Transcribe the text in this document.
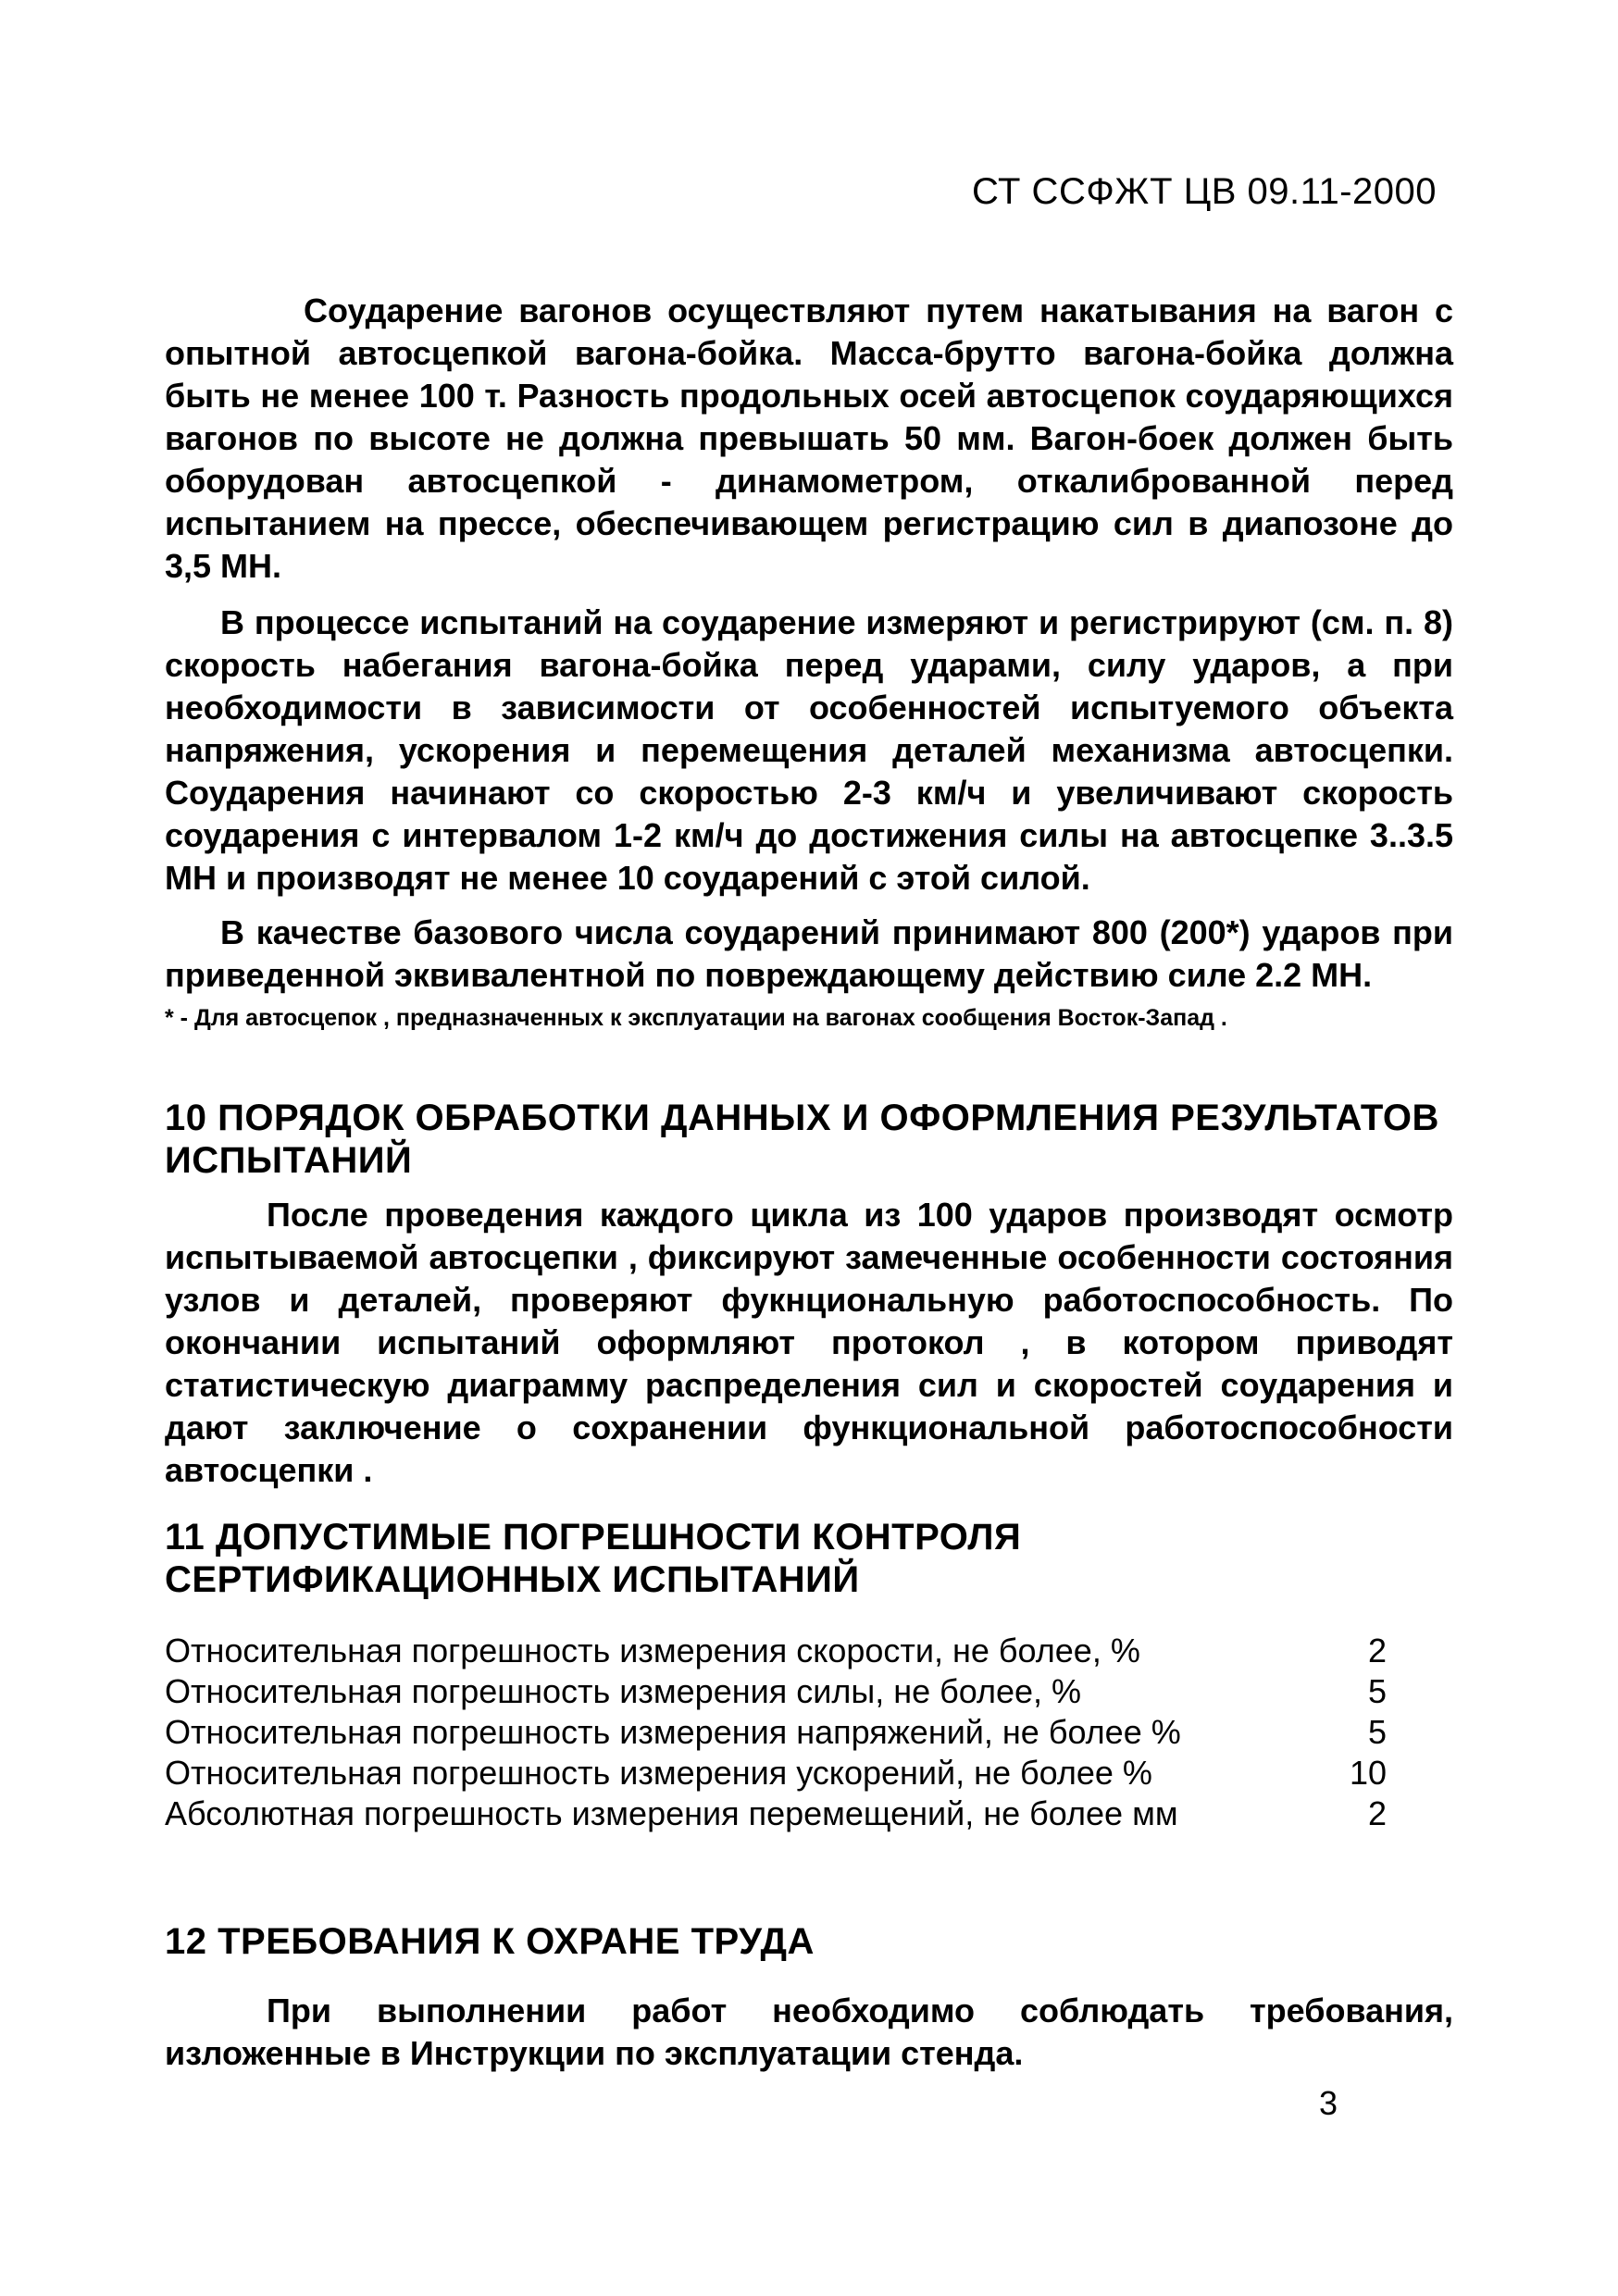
СТ ССФЖТ ЦВ 09.11-2000

Соударение вагонов осуществляют путем накатывания на вагон с опытной автосцепкой вагона-бойка. Масса-брутто вагона-бойка должна быть не менее 100 т. Разность продольных осей автосцепок соударяющихся вагонов по высоте не должна превышать 50 мм. Вагон-боек должен быть оборудован автосцепкой - динамометром, откалиброванной перед испытанием на прессе, обеспечивающем регистрацию сил в диапозоне до 3,5 МН.

В процессе испытаний на соударение измеряют и регистрируют (см. п. 8) скорость набегания вагона-бойка перед ударами, силу ударов, а при необходимости в зависимости от особенностей испытуемого объекта напряжения, ускорения и перемещения деталей механизма автосцепки. Соударения начинают со скоростью 2-3 км/ч и увеличивают скорость соударения с интервалом 1-2 км/ч до достижения силы на автосцепке 3..3.5 МН и производят не менее 10 соударений с этой силой.

В качестве базового числа соударений принимают 800 (200*) ударов при приведенной эквивалентной по повреждающему действию силе 2.2 МН.

* - Для автосцепок , предназначенных к эксплуатации на вагонах сообщения Восток-Запад .
10 ПОРЯДОК ОБРАБОТКИ ДАННЫХ И ОФОРМЛЕНИЯ РЕЗУЛЬТАТОВ ИСПЫТАНИЙ

После проведения каждого цикла из 100 ударов производят осмотр испытываемой автосцепки , фиксируют замеченные особенности состояния узлов и деталей, проверяют фукнциональную работоспособность. По окончании испытаний оформляют протокол , в котором приводят статистическую диаграмму распределения сил и скоростей соударения и дают заключение о сохранении функциональной работоспособности автосцепки .

11 ДОПУСТИМЫЕ ПОГРЕШНОСТИ КОНТРОЛЯ СЕРТИФИКАЦИОННЫХ ИСПЫТАНИЙ
Относительная погрешность измерения скорости, не более, %	2
Относительная погрешность измерения силы, не более, %	5
Относительная погрешность измерения напряжений, не более %	5
Относительная погрешность измерения ускорений, не более %	10
Абсолютная погрешность измерения перемещений, не более мм	2
12 ТРЕБОВАНИЯ К ОХРАНЕ ТРУДА

При выполнении работ необходимо соблюдать требования, изложенные в Инструкции по эксплуатации стенда.

3
